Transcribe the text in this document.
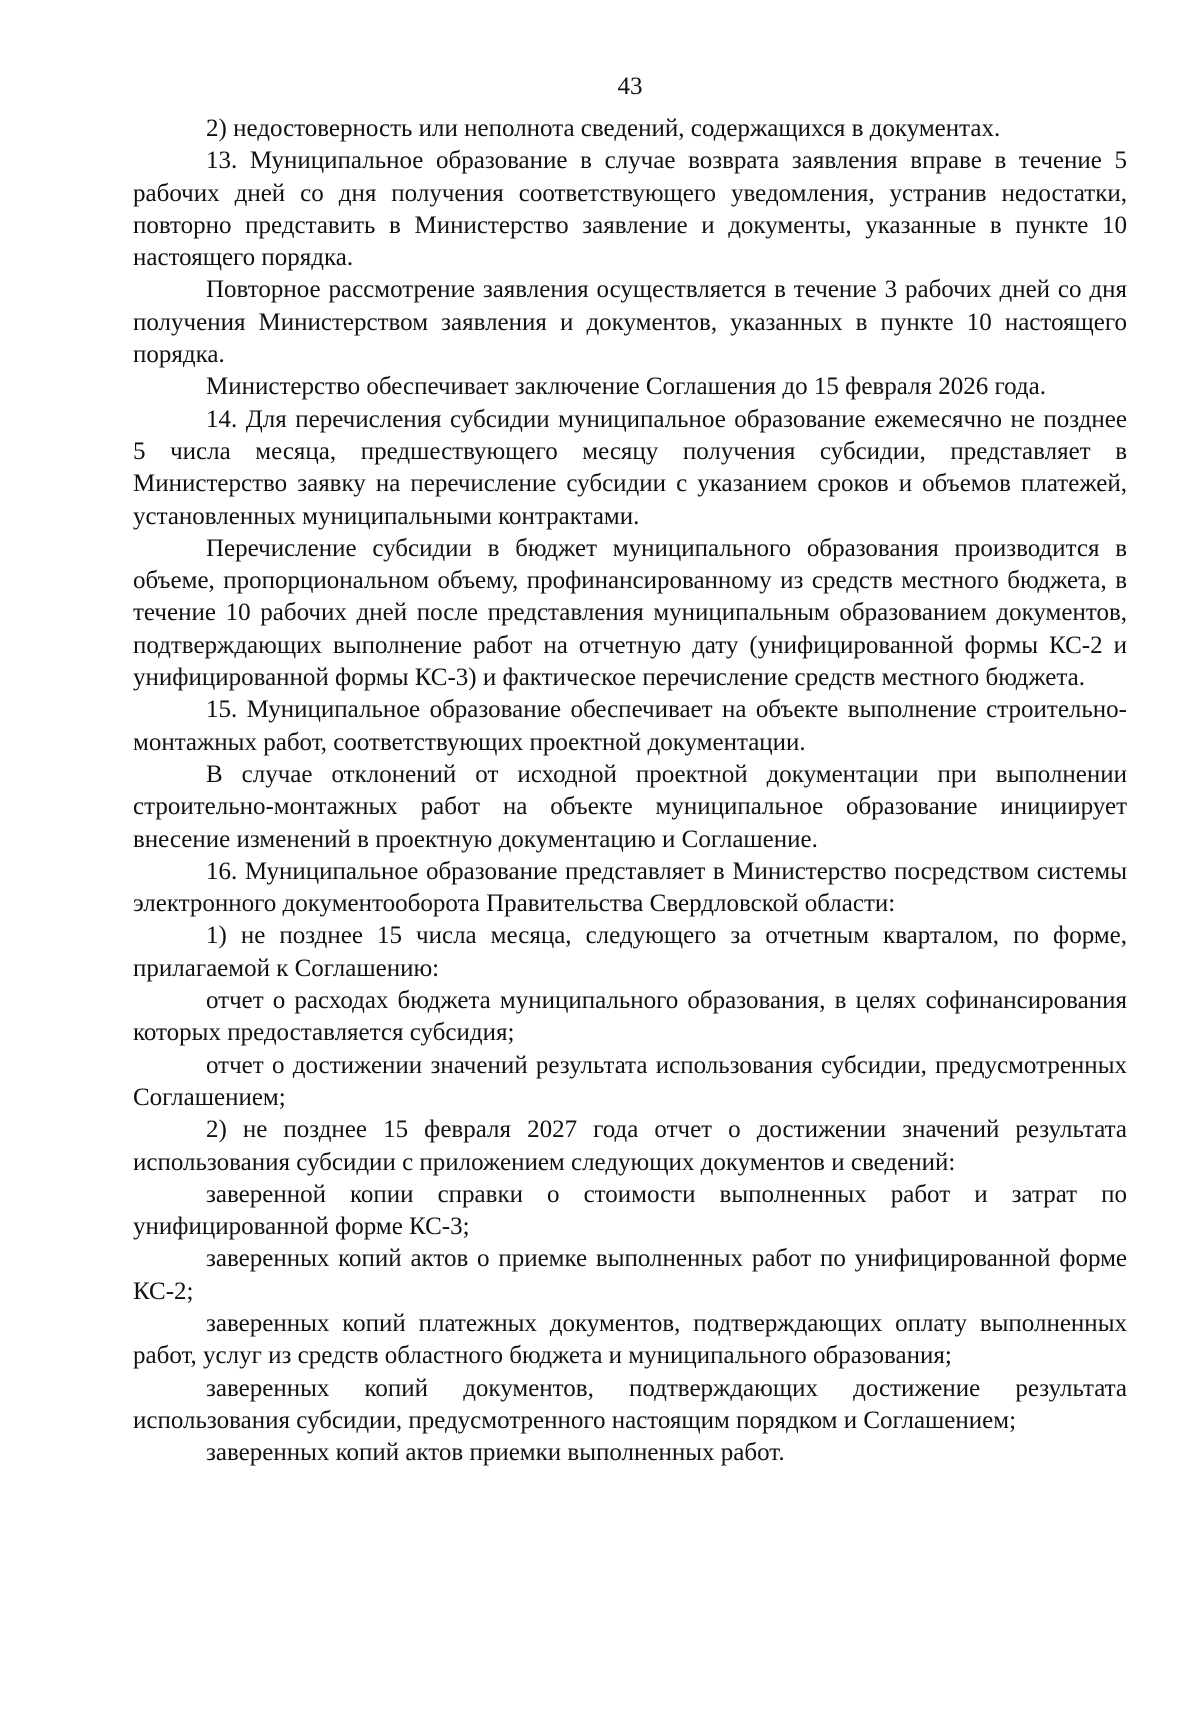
43

2) недостоверность или неполнота сведений, содержащихся в документах.

13. Муниципальное образование в случае возврата заявления вправе в течение 5 рабочих дней со дня получения соответствующего уведомления, устранив недостатки, повторно представить в Министерство заявление и документы, указанные в пункте 10 настоящего порядка.

Повторное рассмотрение заявления осуществляется в течение 3 рабочих дней со дня получения Министерством заявления и документов, указанных в пункте 10 настоящего порядка.

Министерство обеспечивает заключение Соглашения до 15 февраля 2026 года.

14. Для перечисления субсидии муниципальное образование ежемесячно не позднее 5 числа месяца, предшествующего месяцу получения субсидии, представляет в Министерство заявку на перечисление субсидии с указанием сроков и объемов платежей, установленных муниципальными контрактами.

Перечисление субсидии в бюджет муниципального образования производится в объеме, пропорциональном объему, профинансированному из средств местного бюджета, в течение 10 рабочих дней после представления муниципальным образованием документов, подтверждающих выполнение работ на отчетную дату (унифицированной формы КС-2 и унифицированной формы КС-3) и фактическое перечисление средств местного бюджета.

15. Муниципальное образование обеспечивает на объекте выполнение строительно-монтажных работ, соответствующих проектной документации.

В случае отклонений от исходной проектной документации при выполнении строительно-монтажных работ на объекте муниципальное образование инициирует внесение изменений в проектную документацию и Соглашение.

16. Муниципальное образование представляет в Министерство посредством системы электронного документооборота Правительства Свердловской области:

1) не позднее 15 числа месяца, следующего за отчетным кварталом, по форме, прилагаемой к Соглашению:

отчет о расходах бюджета муниципального образования, в целях софинансирования которых предоставляется субсидия;

отчет о достижении значений результата использования субсидии, предусмотренных Соглашением;

2) не позднее 15 февраля 2027 года отчет о достижении значений результата использования субсидии с приложением следующих документов и сведений:

заверенной копии справки о стоимости выполненных работ и затрат по унифицированной форме КС-3;

заверенных копий актов о приемке выполненных работ по унифицированной форме КС-2;

заверенных копий платежных документов, подтверждающих оплату выполненных работ, услуг из средств областного бюджета и муниципального образования;

заверенных копий документов, подтверждающих достижение результата использования субсидии, предусмотренного настоящим порядком и Соглашением;

заверенных копий актов приемки выполненных работ.
